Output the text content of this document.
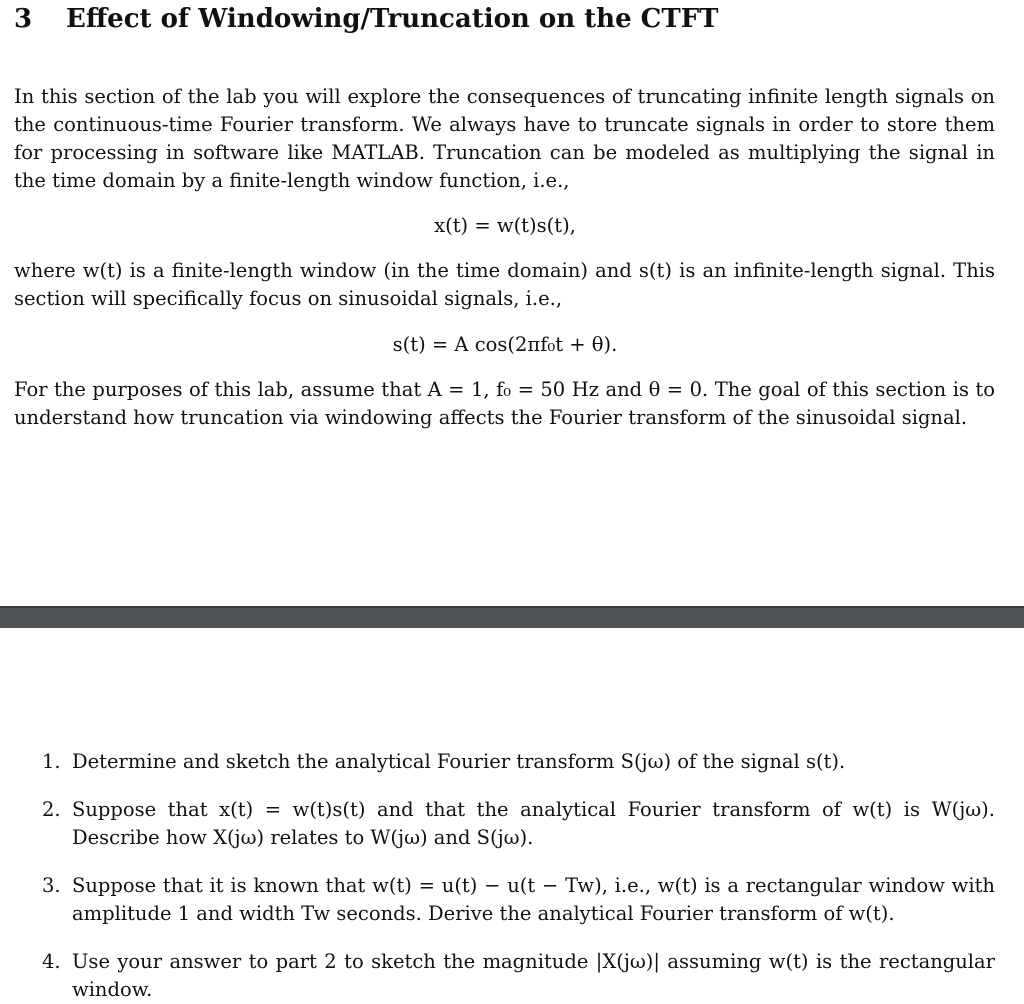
3 Effect of Windowing/Truncation on the CTFT

In this section of the lab you will explore the consequences of truncating infinite length signals on the continuous-time Fourier transform. We always have to truncate signals in order to store them for processing in software like MATLAB. Truncation can be modeled as multiplying the signal in the time domain by a finite-length window function, i.e.,

x(t) = w(t)s(t),

where w(t) is a finite-length window (in the time domain) and s(t) is an infinite-length signal. This section will specifically focus on sinusoidal signals, i.e.,

s(t) = A cos(2πf₀t + θ).

For the purposes of this lab, assume that A = 1, f₀ = 50 Hz and θ = 0. The goal of this section is to understand how truncation via windowing affects the Fourier transform of the sinusoidal signal.

1. Determine and sketch the analytical Fourier transform S(jω) of the signal s(t).
2. Suppose that x(t) = w(t)s(t) and that the analytical Fourier transform of w(t) is W(jω). Describe how X(jω) relates to W(jω) and S(jω).
3. Suppose that it is known that w(t) = u(t) − u(t − Tw), i.e., w(t) is a rectangular window with amplitude 1 and width Tw seconds. Derive the analytical Fourier transform of w(t).
4. Use your answer to part 2 to sketch the magnitude |X(jω)| assuming w(t) is the rectangular window.
